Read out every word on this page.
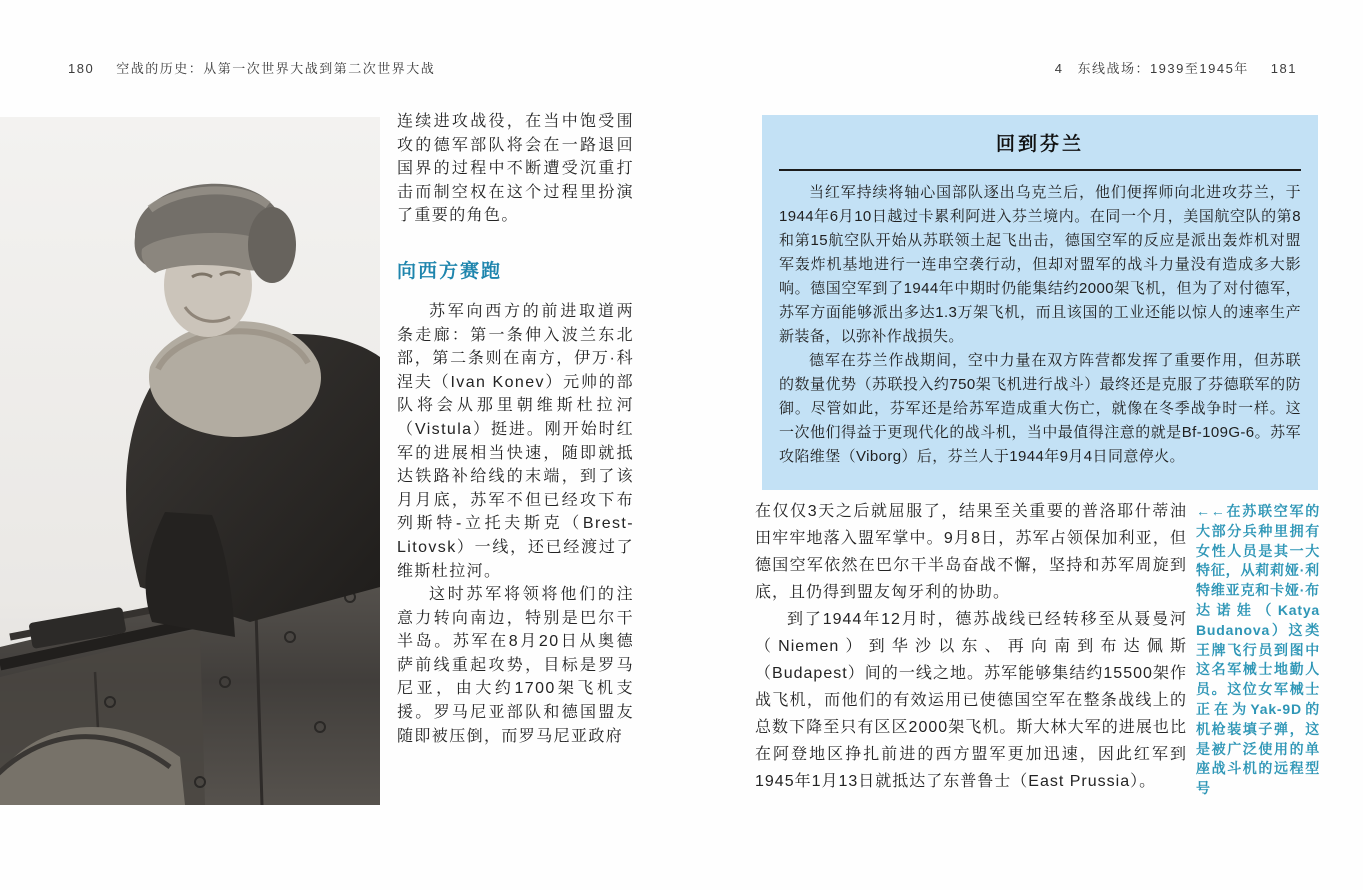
180 空战的历史：从第一次世界大战到第二次世界大战	4 东线战场：1939至1945年 181

连续进攻战役，在当中饱受围攻的德军部队将会在一路退回国界的过程中不断遭受沉重打击而制空权在这个过程里扮演了重要的角色。

向西方赛跑

苏军向西方的前进取道两条走廊：第一条伸入波兰东北部，第二条则在南方，伊万·科涅夫（Ivan Konev）元帅的部队将会从那里朝维斯杜拉河（Vistula）挺进。刚开始时红军的进展相当快速，随即就抵达铁路补给线的末端，到了该月月底，苏军不但已经攻下布列斯特-立托夫斯克（Brest-Litovsk）一线，还已经渡过了维斯杜拉河。

这时苏军将领将他们的注意力转向南边，特别是巴尔干半岛。苏军在8月20日从奥德萨前线重起攻势，目标是罗马尼亚，由大约1700架飞机支援。罗马尼亚部队和德国盟友随即被压倒，而罗马尼亚政府

回到芬兰

当红军持续将轴心国部队逐出乌克兰后，他们便挥师向北进攻芬兰，于1944年6月10日越过卡累利阿进入芬兰境内。在同一个月，美国航空队的第8和第15航空队开始从苏联领土起飞出击，德国空军的反应是派出轰炸机对盟军轰炸机基地进行一连串空袭行动，但却对盟军的战斗力量没有造成多大影响。德国空军到了1944年中期时仍能集结约2000架飞机，但为了对付德军，苏军方面能够派出多达1.3万架飞机，而且该国的工业还能以惊人的速率生产新装备，以弥补作战损失。

德军在芬兰作战期间，空中力量在双方阵营都发挥了重要作用，但苏联的数量优势（苏联投入约750架飞机进行战斗）最终还是克服了芬德联军的防御。尽管如此，芬军还是给苏军造成重大伤亡，就像在冬季战争时一样。这一次他们得益于更现代化的战斗机，当中最值得注意的就是Bf-109G-6。苏军攻陷维堡（Viborg）后，芬兰人于1944年9月4日同意停火。

在仅仅3天之后就屈服了，结果至关重要的普洛耶什蒂油田牢牢地落入盟军掌中。9月8日，苏军占领保加利亚，但德国空军依然在巴尔干半岛奋战不懈，坚持和苏军周旋到底，且仍得到盟友匈牙利的协助。

到了1944年12月时，德苏战线已经转移至从聂曼河（Niemen）到华沙以东、再向南到布达佩斯（Budapest）间的一线之地。苏军能够集结约15500架作战飞机，而他们的有效运用已使德国空军在整条战线上的总数下降至只有区区2000架飞机。斯大林大军的进展也比在阿登地区挣扎前进的西方盟军更加迅速，因此红军到1945年1月13日就抵达了东普鲁士（East Prussia）。

←←在苏联空军的大部分兵种里拥有女性人员是其一大特征，从莉莉娅·利特维亚克和卡娅·布达诺娃（Katya Budanova）这类王牌飞行员到图中这名军械士地勤人员。这位女军械士正在为Yak-9D的机枪装填子弹，这是被广泛使用的单座战斗机的远程型号
